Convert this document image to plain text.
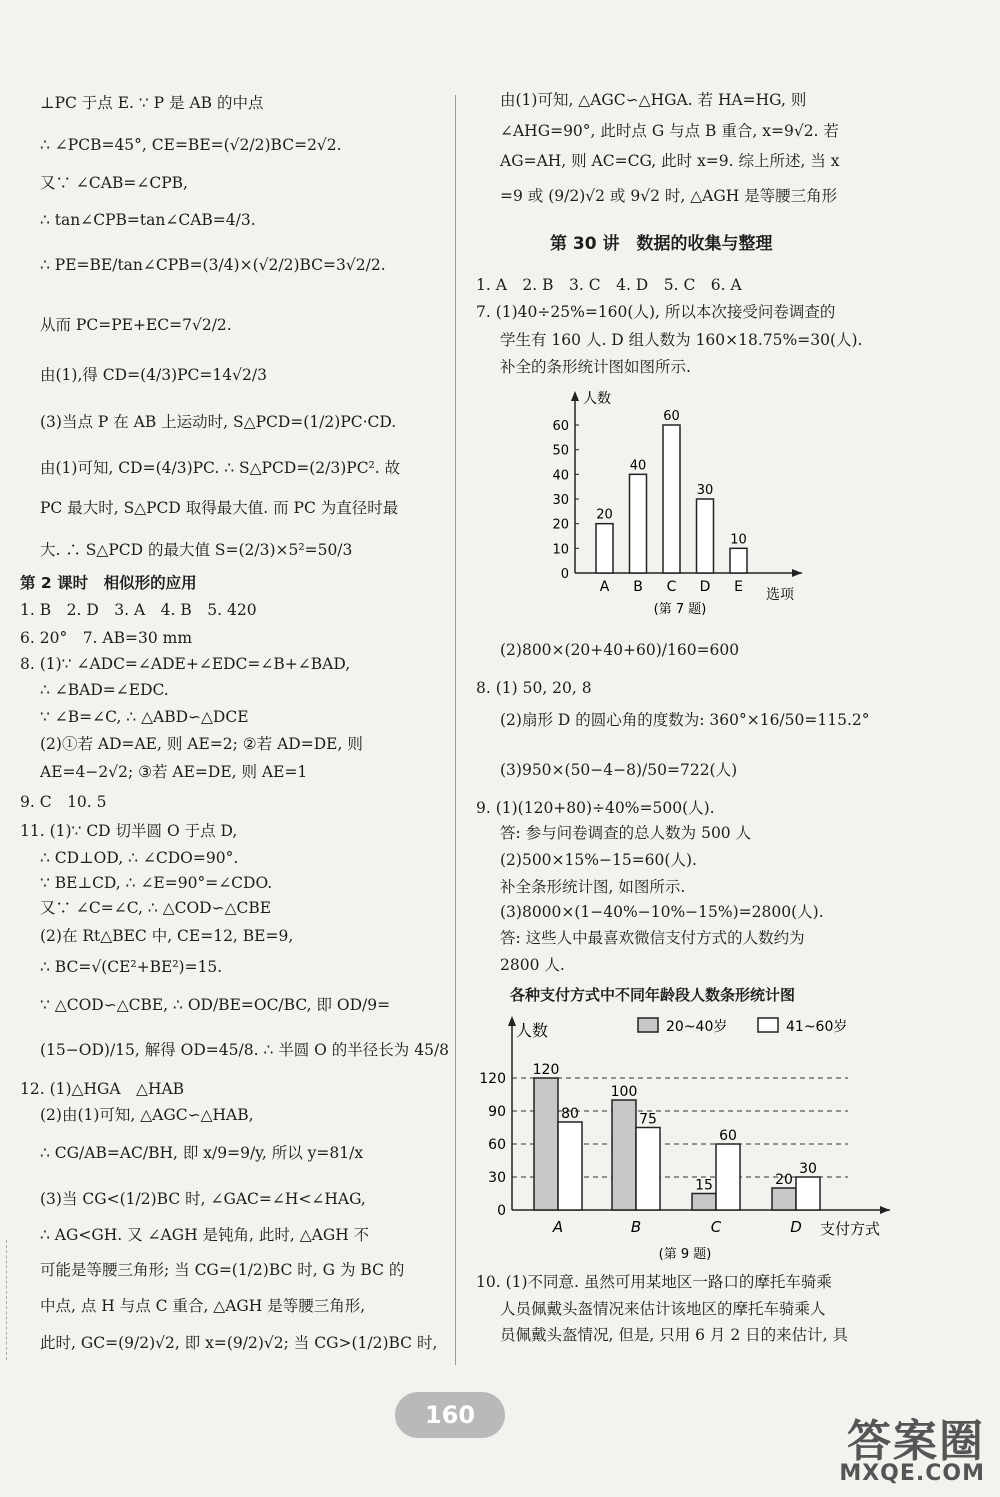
⊥PC 于点 E. ∵ P 是 AB 的中点
∴ ∠PCB=45°, CE=BE=(√2/2)BC=2√2.
又∵ ∠CAB=∠CPB,
∴ tan∠CPB=tan∠CAB=4/3.
∴ PE=BE/tan∠CPB=(3/4)×(√2/2)BC=3√2/2.
从而 PC=PE+EC=7√2/2.
由(1),得 CD=(4/3)PC=14√2/3
(3)当点 P 在 AB 上运动时, S△PCD=(1/2)PC·CD.
由(1)可知, CD=(4/3)PC. ∴ S△PCD=(2/3)PC². 故
PC 最大时, S△PCD 取得最大值. 而 PC 为直径时最
大. ∴ S△PCD 的最大值 S=(2/3)×5²=50/3
第 2 课时　相似形的应用
1. B　2. D　3. A　4. B　5. 420
6. 20°　7. AB=30 mm
8. (1)∵ ∠ADC=∠ADE+∠EDC=∠B+∠BAD,
∴ ∠BAD=∠EDC.
∵ ∠B=∠C, ∴ △ABD∽△DCE
(2)①若 AD=AE, 则 AE=2; ②若 AD=DE, 则
AE=4−2√2; ③若 AE=DE, 则 AE=1
9. C　10. 5
11. (1)∵ CD 切半圆 O 于点 D,
∴ CD⊥OD, ∴ ∠CDO=90°.
∵ BE⊥CD, ∴ ∠E=90°=∠CDO.
又∵ ∠C=∠C, ∴ △COD∽△CBE
(2)在 Rt△BEC 中, CE=12, BE=9,
∴ BC=√(CE²+BE²)=15.
∵ △COD∽△CBE, ∴ OD/BE=OC/BC, 即 OD/9=
(15−OD)/15, 解得 OD=45/8. ∴ 半圆 O 的半径长为 45/8
12. (1)△HGA　△HAB
(2)由(1)可知, △AGC∽△HAB,
∴ CG/AB=AC/BH, 即 x/9=9/y, 所以 y=81/x
(3)当 CG<(1/2)BC 时, ∠GAC=∠H<∠HAG,
∴ AG<GH. 又 ∠AGH 是钝角, 此时, △AGH 不
可能是等腰三角形; 当 CG=(1/2)BC 时, G 为 BC 的
中点, 点 H 与点 C 重合, △AGH 是等腰三角形,
此时, GC=(9/2)√2, 即 x=(9/2)√2; 当 CG>(1/2)BC 时,
由(1)可知, △AGC∽△HGA. 若 HA=HG, 则
∠AHG=90°, 此时点 G 与点 B 重合, x=9√2. 若
AG=AH, 则 AC=CG, 此时 x=9. 综上所述, 当 x
=9 或 (9/2)√2 或 9√2 时, △AGH 是等腰三角形
第 30 讲　数据的收集与整理
1. A　2. B　3. C　4. D　5. C　6. A
7. (1)40÷25%=160(人), 所以本次接受问卷调查的
学生有 160 人. D 组人数为 160×18.75%=30(人).
补全的条形统计图如图所示.
(2)800×(20+40+60)/160=600
8. (1) 50, 20, 8
(2)扇形 D 的圆心角的度数为: 360°×16/50=115.2°
(3)950×(50−4−8)/50=722(人)
9. (1)(120+80)÷40%=500(人).
答: 参与问卷调查的总人数为 500 人
(2)500×15%−15=60(人).
补全条形统计图, 如图所示.
(3)8000×(1−40%−10%−15%)=2800(人).
答: 这些人中最喜欢微信支付方式的人数约为
2800 人.
10. (1)不同意. 虽然可用某地区一路口的摩托车骑乘
人员佩戴头盔情况来估计该地区的摩托车骑乘人
员佩戴头盔情况, 但是, 只用 6 月 2 日的来估计, 具
人数
选项
0
10
20
30
40
50
60
20
A
40
B
60
C
30
D
10
E
(第 7 题)
各种支付方式中不同年龄段人数条形统计图
0
30
60
90
120
人数
支付方式
20~40岁	41~60岁
120
80
A
100
75
B
15
60
C
20
30
D
(第 9 题)
160
答案圈
MXQE.COM
